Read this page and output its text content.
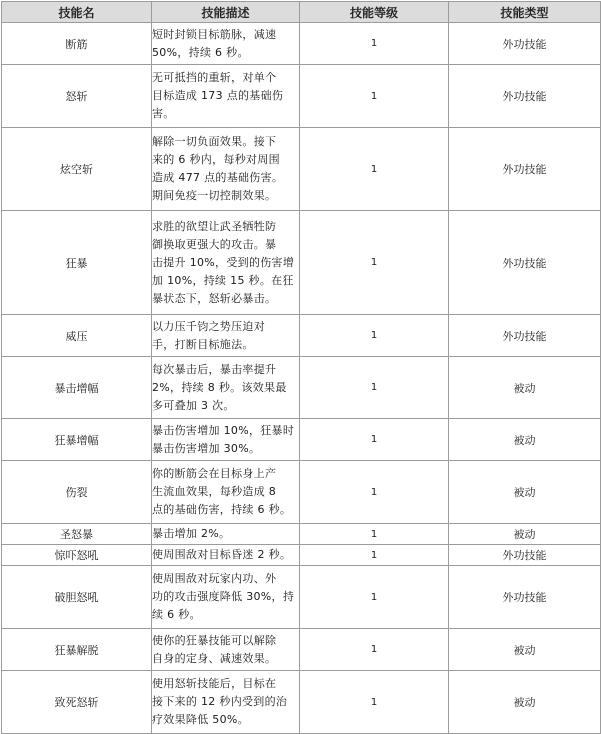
技能名	技能描述	技能等级	技能类型
断筋	短时封锁目标筋脉，减速
50%，持续 6 秒。	1	外功技能
怒斩	无可抵挡的重斩，对单个
目标造成 173 点的基础伤
害。	1	外功技能
炫空斩	解除一切负面效果。接下
来的 6 秒内，每秒对周围
造成 477 点的基础伤害。
期间免疫一切控制效果。	1	外功技能
狂暴	求胜的欲望让武圣牺牲防
御换取更强大的攻击。暴
击提升 10%，受到的伤害增
加 10%，持续 15 秒。在狂
暴状态下，怒斩必暴击。	1	外功技能
威压	以力压千钧之势压迫对
手，打断目标施法。	1	外功技能
暴击增幅	每次暴击后，暴击率提升
2%，持续 8 秒。该效果最
多可叠加 3 次。	1	被动
狂暴增幅	暴击伤害增加 10%，狂暴时
暴击伤害增加 30%。	1	被动
伤裂	你的断筋会在目标身上产
生流血效果，每秒造成 8
点的基础伤害，持续 6 秒。	1	被动
圣怒暴	暴击增加 2%。	1	被动
惊吓怒吼	使周围敌对目标昏迷 2 秒。	1	外功技能
破胆怒吼	使周围敌对玩家内功、外
功的攻击强度降低 30%，持
续 6 秒。	1	外功技能
狂暴解脱	使你的狂暴技能可以解除
自身的定身、减速效果。	1	被动
致死怒斩	使用怒斩技能后，目标在
接下来的 12 秒内受到的治
疗效果降低 50%。	1	被动
